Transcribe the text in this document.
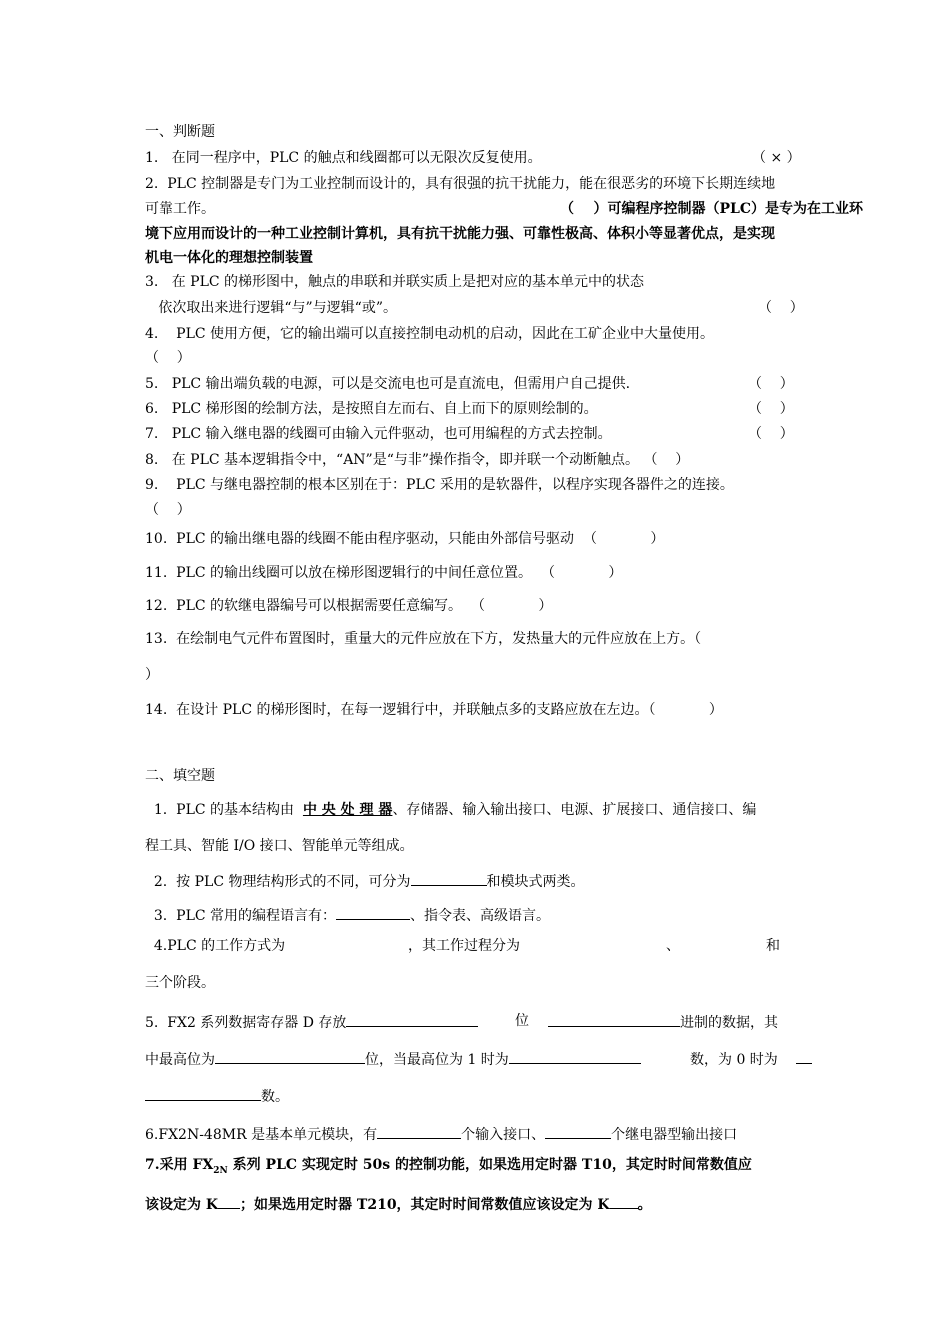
一、判断题
1.   在同一程序中，PLC 的触点和线圈都可以无限次反复使用。	（ × ）
2.  PLC 控制器是专门为工业控制而设计的，具有很强的抗干扰能力，能在很恶劣的环境下长期连续地
可靠工作。	（    ）可编程序控制器（PLC）是专为在工业环
境下应用而设计的一种工业控制计算机，具有抗干扰能力强、可靠性极高、体积小等显著优点，是实现
机电一体化的理想控制装置
3.   在 PLC 的梯形图中，触点的串联和并联实质上是把对应的基本单元中的状态
依次取出来进行逻辑“与”与逻辑“或”。	（    ）
4.    PLC 使用方便，它的输出端可以直接控制电动机的启动，因此在工矿企业中大量使用。
（    ）
5.   PLC 输出端负载的电源，可以是交流电也可是直流电，但需用户自己提供.	（    ）
6.   PLC 梯形图的绘制方法，是按照自左而右、自上而下的原则绘制的。	（    ）
7.   PLC 输入继电器的线圈可由输入元件驱动，也可用编程的方式去控制。	（    ）
8.   在 PLC 基本逻辑指令中，“AN”是“与非”操作指令，即并联一个动断触点。 （    ）
9.    PLC 与继电器控制的根本区别在于：PLC 采用的是软器件，以程序实现各器件之的连接。
（    ）
10.  PLC 的输出继电器的线圈不能由程序驱动，只能由外部信号驱动  （            ）
11.  PLC 的输出线圈可以放在梯形图逻辑行的中间任意位置。  （            ）
12.  PLC 的软继电器编号可以根据需要任意编写。  （            ）
13.  在绘制电气元件布置图时，重量大的元件应放在下方，发热量大的元件应放在上方。（
）
14.  在设计 PLC 的梯形图时，在每一逻辑行中，并联触点多的支路应放在左边。（            ）
二、填空题
1.  PLC 的基本结构由  中 央 处 理 器、存储器、输入输出接口、电源、扩展接口、通信接口、编
程工具、智能 I/O 接口、智能单元等组成。
2.  按 PLC 物理结构形式的不同，可分为	和模块式两类。
3.  PLC 常用的编程语言有：	、指令表、高级语言。
4.PLC 的工作方式为	，其工作过程分为	、	和
三个阶段。
5.  FX2 系列数据寄存器 D 存放	位	进制的数据，其
中最高位为	位，当最高位为 1 时为	数，为 0 时为
数。
6.FX2N-48MR 是基本单元模块，有	个输入接口、	个继电器型输出接口
7.采用 $FX_{2N}$ 系列 PLC 实现定时 50s 的控制功能，如果选用定时器 T10，其定时时间常数值应
该设定为 K ；如果选用定时器 T210，其定时时间常数值应该设定为 K 。
